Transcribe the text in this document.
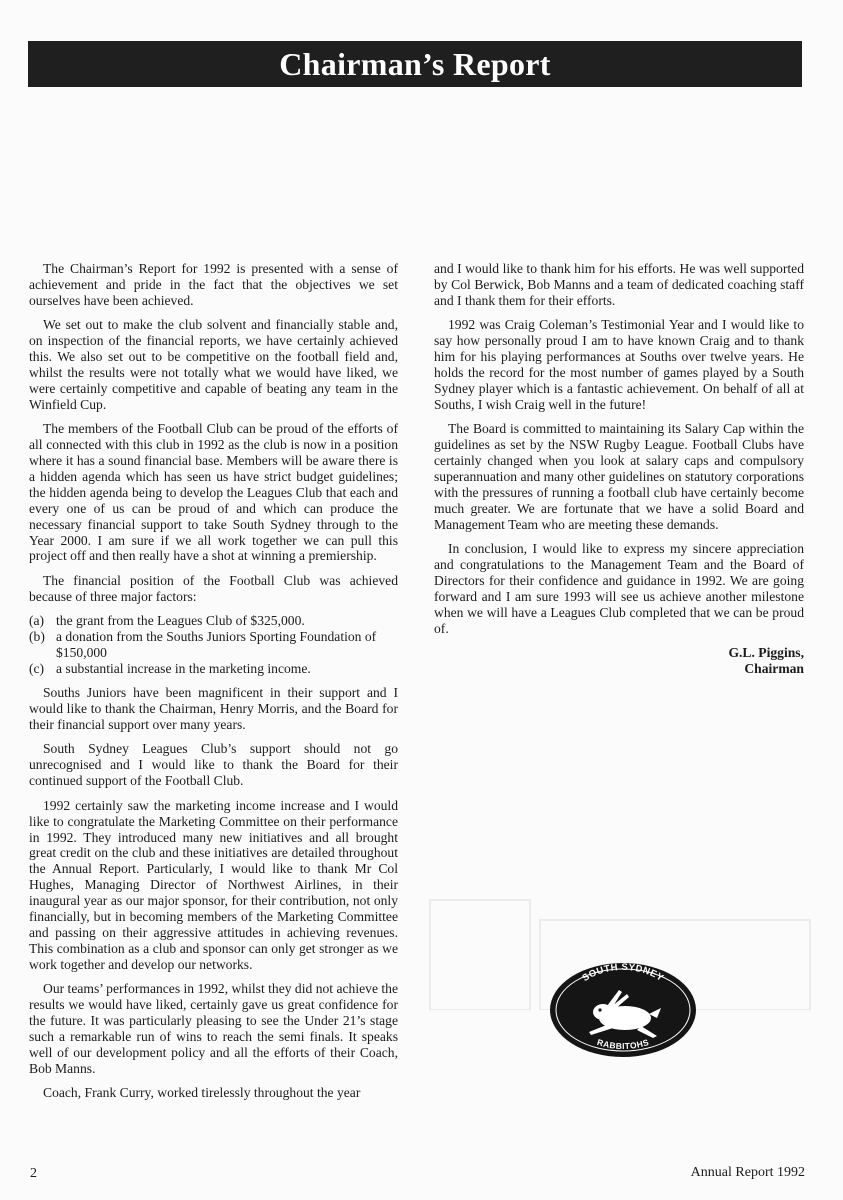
Chairman’s Report

The Chairman’s Report for 1992 is presented with a sense of achievement and pride in the fact that the objectives we set ourselves have been achieved.

We set out to make the club solvent and financially stable and, on inspection of the financial reports, we have certainly achieved this. We also set out to be competitive on the football field and, whilst the results were not totally what we would have liked, we were certainly competitive and capable of beating any team in the Winfield Cup.

The members of the Football Club can be proud of the efforts of all connected with this club in 1992 as the club is now in a position where it has a sound financial base. Members will be aware there is a hidden agenda which has seen us have strict budget guidelines; the hidden agenda being to develop the Leagues Club that each and every one of us can be proud of and which can produce the necessary financial support to take South Sydney through to the Year 2000. I am sure if we all work together we can pull this project off and then really have a shot at winning a premiership.

The financial position of the Football Club was achieved because of three major factors:

(a) the grant from the Leagues Club of $325,000.
(b) a donation from the Souths Juniors Sporting Foundation of $150,000
(c) a substantial increase in the marketing income.

Souths Juniors have been magnificent in their support and I would like to thank the Chairman, Henry Morris, and the Board for their financial support over many years.

South Sydney Leagues Club’s support should not go unrecognised and I would like to thank the Board for their continued support of the Football Club.

1992 certainly saw the marketing income increase and I would like to congratulate the Marketing Committee on their performance in 1992. They introduced many new initiatives and all brought great credit on the club and these initiatives are detailed throughout the Annual Report. Particularly, I would like to thank Mr Col Hughes, Managing Director of Northwest Airlines, in their inaugural year as our major sponsor, for their contribution, not only financially, but in becoming members of the Marketing Committee and passing on their aggressive attitudes in achieving revenues. This combination as a club and sponsor can only get stronger as we work together and develop our networks.

Our teams’ performances in 1992, whilst they did not achieve the results we would have liked, certainly gave us great confidence for the future. It was particularly pleasing to see the Under 21’s stage such a remarkable run of wins to reach the semi finals. It speaks well of our development policy and all the efforts of their Coach, Bob Manns.

Coach, Frank Curry, worked tirelessly throughout the year

and I would like to thank him for his efforts. He was well supported by Col Berwick, Bob Manns and a team of dedicated coaching staff and I thank them for their efforts.

1992 was Craig Coleman’s Testimonial Year and I would like to say how personally proud I am to have known Craig and to thank him for his playing performances at Souths over twelve years. He holds the record for the most number of games played by a South Sydney player which is a fantastic achievement. On behalf of all at Souths, I wish Craig well in the future!

The Board is committed to maintaining its Salary Cap within the guidelines as set by the NSW Rugby League. Football Clubs have certainly changed when you look at salary caps and compulsory superannuation and many other guidelines on statutory corporations with the pressures of running a football club have certainly become much greater. We are fortunate that we have a solid Board and Management Team who are meeting these demands.

In conclusion, I would like to express my sincere appreciation and congratulations to the Management Team and the Board of Directors for their confidence and guidance in 1992. We are going forward and I am sure 1993 will see us achieve another milestone when we will have a Leagues Club completed that we can be proud of.

G.L. Piggins,
Chairman
SOUTH SYDNEY
RABBITOHS
2	Annual Report 1992
